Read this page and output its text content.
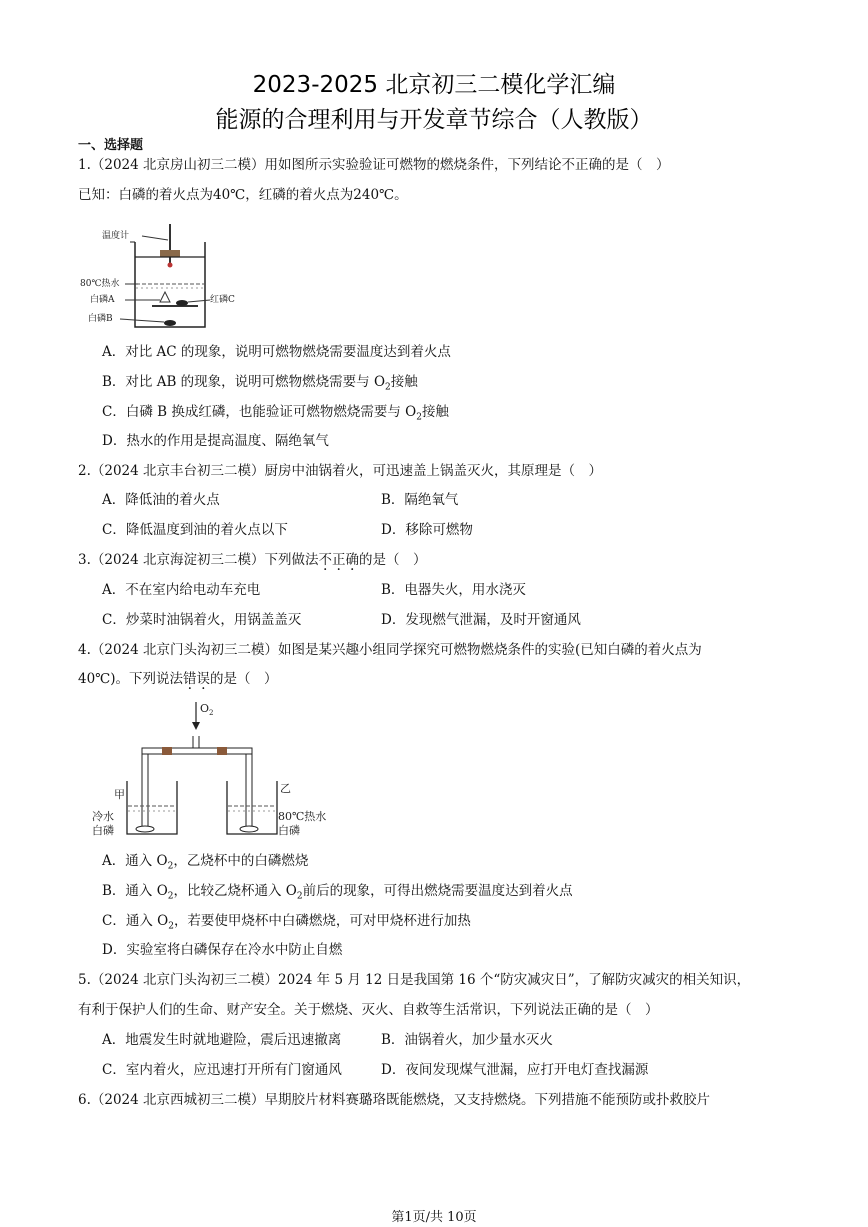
2023-2025 北京初三二模化学汇编
能源的合理利用与开发章节综合（人教版）
一、选择题
1.（2024 北京房山初三二模）用如图所示实验验证可燃物的燃烧条件，下列结论不正确的是（　）
已知：白磷的着火点为40℃，红磷的着火点为240℃。
温度计
80℃热水
白磷A	红磷C
白磷B
A．对比 AC 的现象，说明可燃物燃烧需要温度达到着火点
B．对比 AB 的现象，说明可燃物燃烧需要与 $O_2$接触
C．白磷 B 换成红磷，也能验证可燃物燃烧需要与 $O_2$接触
D．热水的作用是提高温度、隔绝氧气
2.（2024 北京丰台初三二模）厨房中油锅着火，可迅速盖上锅盖灭火，其原理是（　）
A．降低油的着火点	B．隔绝氧气
C．降低温度到油的着火点以下	D．移除可燃物
3.（2024 北京海淀初三二模）下列做法不正确的是（　）
A．不在室内给电动车充电	B．电器失火，用水浇灭
C．炒菜时油锅着火，用锅盖盖灭	D．发现燃气泄漏，及时开窗通风
4.（2024 北京门头沟初三二模）如图是某兴趣小组同学探究可燃物燃烧条件的实验(已知白磷的着火点为
40℃)。下列说法错误的是（　）
$O_2$
甲
冷水
白磷
乙
80℃热水
白磷
A．通入 $O_2$，乙烧杯中的白磷燃烧
B．通入 $O_2$，比较乙烧杯通入 $O_2$前后的现象，可得出燃烧需要温度达到着火点
C．通入 $O_2$，若要使甲烧杯中白磷燃烧，可对甲烧杯进行加热
D．实验室将白磷保存在冷水中防止自燃
5.（2024 北京门头沟初三二模）2024 年 5 月 12 日是我国第 16 个“防灾减灾日”，了解防灾减灾的相关知识，
有利于保护人们的生命、财产安全。关于燃烧、灭火、自救等生活常识，下列说法正确的是（　）
A．地震发生时就地避险，震后迅速撤离	B．油锅着火，加少量水灭火
C．室内着火，应迅速打开所有门窗通风	D．夜间发现煤气泄漏，应打开电灯查找漏源
6.（2024 北京西城初三二模）早期胶片材料赛璐珞既能燃烧，又支持燃烧。下列措施不能预防或扑救胶片
第1页/共 10页
